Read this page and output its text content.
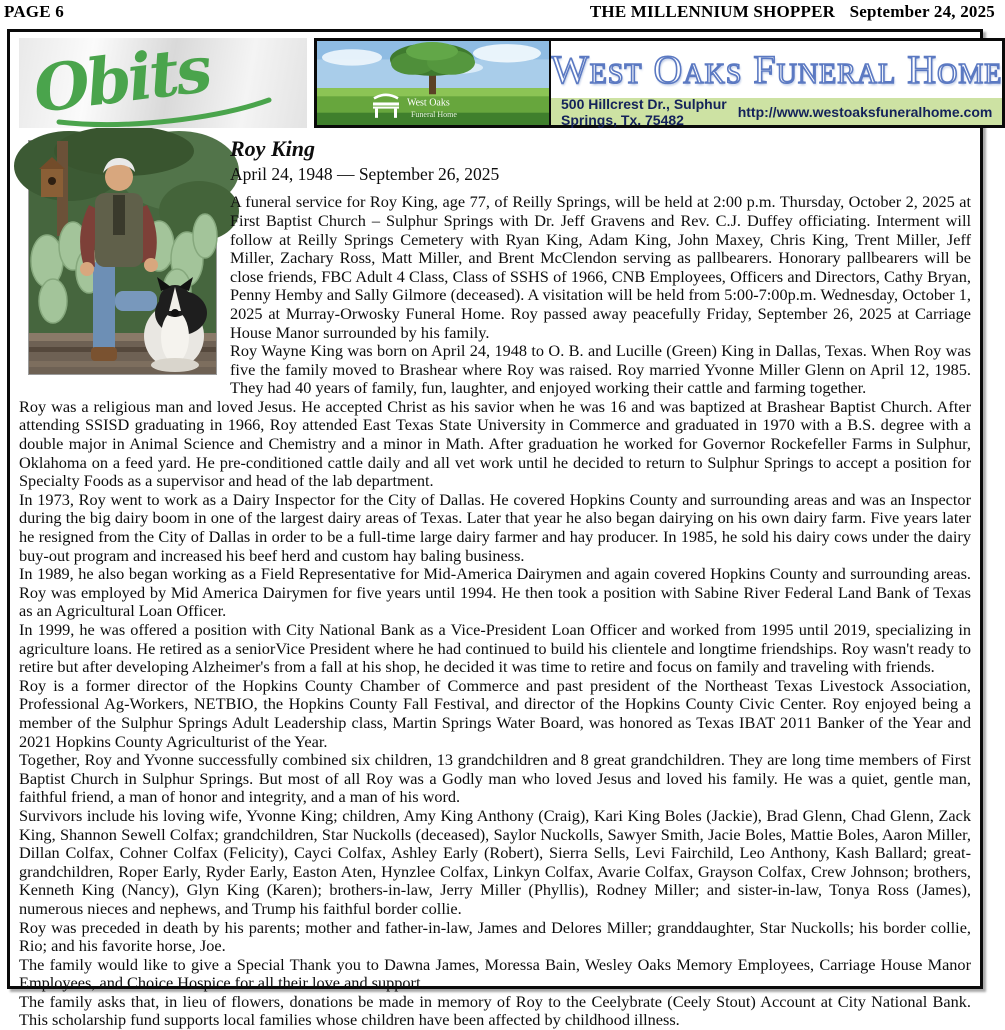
PAGE 6	THE MILLENNIUM SHOPPER September 24, 2025
Obits	West Oaks
Funeral Home
West Oaks Funeral Home
500 Hillcrest Dr., Sulphur Springs, Tx. 75482	http://www.westoaksfuneralhome.com
Roy King
April 24, 1948 — September 26, 2025

A funeral service for Roy King, age 77, of Reilly Springs, will be held at 2:00 p.m. Thursday, October 2, 2025 at First Baptist Church – Sulphur Springs with Dr. Jeff Gravens and Rev. C.J. Duffey officiating. Interment will follow at Reilly Springs Cemetery with Ryan King, Adam King, John Maxey, Chris King, Trent Miller, Jeff Miller, Zachary Ross, Matt Miller, and Brent McClendon serving as pallbearers. Honorary pallbearers will be close friends, FBC Adult 4 Class, Class of SSHS of 1966, CNB Employees, Officers and Directors, Cathy Bryan, Penny Hemby and Sally Gilmore (deceased). A visitation will be held from 5:00-7:00p.m. Wednesday, October 1, 2025 at Murray-Orwosky Funeral Home. Roy passed away peacefully Friday, September 26, 2025 at Carriage House Manor surrounded by his family.

Roy Wayne King was born on April 24, 1948 to O. B. and Lucille (Green) King in Dallas, Texas. When Roy was five the family moved to Brashear where Roy was raised. Roy married Yvonne Miller Glenn on April 12, 1985. They had 40 years of family, fun, laughter, and enjoyed working their cattle and farming together.

Roy was a religious man and loved Jesus. He accepted Christ as his savior when he was 16 and was baptized at Brashear Baptist Church. After attending SSISD graduating in 1966, Roy attended East Texas State University in Commerce and graduated in 1970 with a B.S. degree with a double major in Animal Science and Chemistry and a minor in Math. After graduation he worked for Governor Rockefeller Farms in Sulphur, Oklahoma on a feed yard. He pre-conditioned cattle daily and all vet work until he decided to return to Sulphur Springs to accept a position for Specialty Foods as a supervisor and head of the lab department.

In 1973, Roy went to work as a Dairy Inspector for the City of Dallas. He covered Hopkins County and surrounding areas and was an Inspector during the big dairy boom in one of the largest dairy areas of Texas. Later that year he also began dairying on his own dairy farm. Five years later he resigned from the City of Dallas in order to be a full-time large dairy farmer and hay producer. In 1985, he sold his dairy cows under the dairy buy-out program and increased his beef herd and custom hay baling business.

In 1989, he also began working as a Field Representative for Mid-America Dairymen and again covered Hopkins County and surrounding areas. Roy was employed by Mid America Dairymen for five years until 1994. He then took a position with Sabine River Federal Land Bank of Texas as an Agricultural Loan Officer.

In 1999, he was offered a position with City National Bank as a Vice-President Loan Officer and worked from 1995 until 2019, specializing in agriculture loans. He retired as a seniorVice President where he had continued to build his clientele and longtime friendships. Roy wasn't ready to retire but after developing Alzheimer's from a fall at his shop, he decided it was time to retire and focus on family and traveling with friends.

Roy is a former director of the Hopkins County Chamber of Commerce and past president of the Northeast Texas Livestock Association, Professional Ag-Workers, NETBIO, the Hopkins County Fall Festival, and director of the Hopkins County Civic Center. Roy enjoyed being a member of the Sulphur Springs Adult Leadership class, Martin Springs Water Board, was honored as Texas IBAT 2011 Banker of the Year and 2021 Hopkins County Agriculturist of the Year.

Together, Roy and Yvonne successfully combined six children, 13 grandchildren and 8 great grandchildren. They are long time members of First Baptist Church in Sulphur Springs. But most of all Roy was a Godly man who loved Jesus and loved his family. He was a quiet, gentle man, faithful friend, a man of honor and integrity, and a man of his word.

Survivors include his loving wife, Yvonne King; children, Amy King Anthony (Craig), Kari King Boles (Jackie), Brad Glenn, Chad Glenn, Zack King, Shannon Sewell Colfax; grandchildren, Star Nuckolls (deceased), Saylor Nuckolls, Sawyer Smith, Jacie Boles, Mattie Boles, Aaron Miller, Dillan Colfax, Cohner Colfax (Felicity), Cayci Colfax, Ashley Early (Robert), Sierra Sells, Levi Fairchild, Leo Anthony, Kash Ballard; great-grandchildren, Roper Early, Ryder Early, Easton Aten, Hynzlee Colfax, Linkyn Colfax, Avarie Colfax, Grayson Colfax, Crew Johnson; brothers, Kenneth King (Nancy), Glyn King (Karen); brothers-in-law, Jerry Miller (Phyllis), Rodney Miller; and sister-in-law, Tonya Ross (James), numerous nieces and nephews, and Trump his faithful border collie.

Roy was preceded in death by his parents; mother and father-in-law, James and Delores Miller; granddaughter, Star Nuckolls; his border collie, Rio; and his favorite horse, Joe.

The family would like to give a Special Thank you to Dawna James, Moressa Bain, Wesley Oaks Memory Employees, Carriage House Manor Employees, and Choice Hospice for all their love and support.

The family asks that, in lieu of flowers, donations be made in memory of Roy to the Ceelybrate (Ceely Stout) Account at City National Bank. This scholarship fund supports local families whose children have been affected by childhood illness.
